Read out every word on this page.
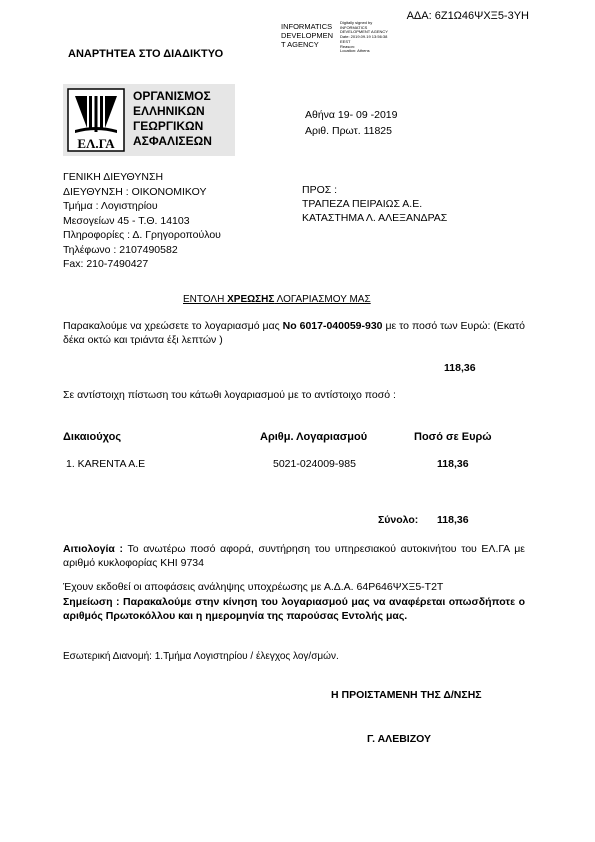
ΑΔΑ: 6Ζ1Ω46ΨΧΞ5-3ΥΗ
INFORMATICS
DEVELOPMEN
T AGENCY
Digitally signed by
INFORMATICS
DEVELOPMENT AGENCY
Date: 2019.09.19 13:56:38
EEST
Reason:
Location: Athens
ΑΝΑΡΤΗΤΕΑ ΣΤΟ ΔΙΑΔΙΚΤΥΟ
ΕΛ.ΓΑ
ΟΡΓΑΝΙΣΜΟΣ
ΕΛΛΗΝΙΚΩΝ
ΓΕΩΡΓΙΚΩΝ
ΑΣΦΑΛΙΣΕΩΝ
Αθήνα 19- 09 -2019
Αριθ. Πρωτ. 11825
ΓΕΝΙΚΗ ΔΙΕΥΘΥΝΣΗ
ΔΙΕΥΘΥΝΣΗ : ΟΙΚΟΝΟΜΙΚΟΥ
Τμήμα : Λογιστηρίου
Μεσογείων 45 - Τ.Θ. 14103
Πληροφορίες : Δ. Γρηγοροπούλου
Τηλέφωνο : 2107490582
Fax: 210-7490427
ΠΡΟΣ :
ΤΡΑΠΕΖΑ ΠΕΙΡΑΙΩΣ Α.Ε.
ΚΑΤΑΣΤΗΜΑ Λ. ΑΛΕΞΑΝΔΡΑΣ
ΕΝΤΟΛΗ ΧΡΕΩΣΗΣ ΛΟΓΑΡΙΑΣΜΟΥ ΜΑΣ
Παρακαλούμε να χρεώσετε το λογαριασμό μας Νο 6017-040059-930 με το ποσό των Ευρώ: (Εκατό δέκα οκτώ και τριάντα έξι λεπτών )
118,36
Σε αντίστοιχη πίστωση του κάτωθι λογαριασμού με το αντίστοιχο ποσό :
Δικαιούχος	Αριθμ. Λογαριασμού	Ποσό σε Ευρώ
1. KARENTA A.E	5021-024009-985	118,36
Σύνολο: 118,36
Αιτιολογία : Το ανωτέρω ποσό αφορά, συντήρηση του υπηρεσιακού αυτοκινήτου του ΕΛ.ΓΑ με αριθμό κυκλοφορίας ΚΗΙ 9734
Έχουν εκδοθεί οι αποφάσεις ανάληψης υποχρέωσης με Α.Δ.Α. 64Ρ646ΨΧΞ5-Τ2Τ
Σημείωση : Παρακαλούμε στην κίνηση του λογαριασμού μας να αναφέρεται οπωσδήποτε ο αριθμός Πρωτοκόλλου και η ημερομηνία της παρούσας Εντολής μας.
Εσωτερική Διανομή: 1.Τμήμα Λογιστηρίου / έλεγχος λογ/σμών.
Η ΠΡΟΙΣΤΑΜΕΝΗ ΤΗΣ Δ/ΝΣΗΣ
Γ. ΑΛΕΒΙΖΟΥ
